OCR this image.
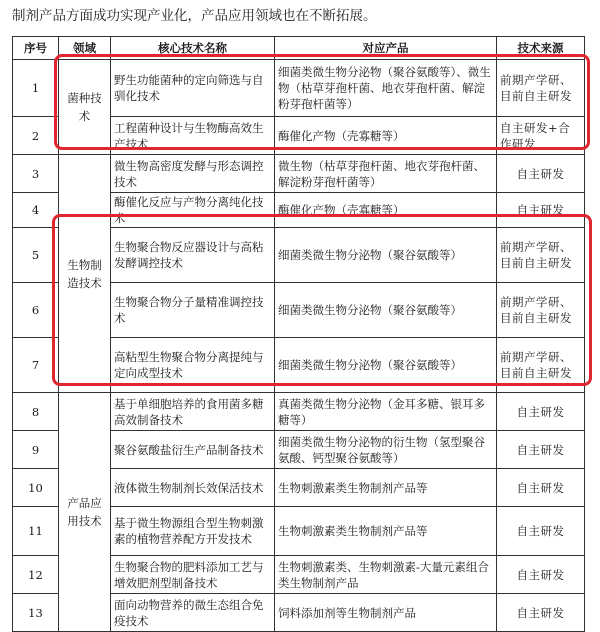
制剂产品方面成功实现产业化，产品应用领域也在不断拓展。
序号	领域	核心技术名称	对应产品	技术来源
1	菌种技术	野生功能菌种的定向筛选与自驯化技术	细菌类微生物分泌物（聚谷氨酸等）、微生物（枯草芽孢杆菌、地衣芽孢杆菌、解淀粉芽孢杆菌等）	前期产学研、目前自主研发
2		工程菌种设计与生物酶高效生产技术	酶催化产物（壳寡糖等）	自主研发+合作研发
3	生物制造技术	微生物高密度发酵与形态调控技术	微生物（枯草芽孢杆菌、地衣芽孢杆菌、解淀粉芽孢杆菌等）	自主研发
4		酶催化反应与产物分离纯化技术	酶催化产物（壳寡糖等）	自主研发
5		生物聚合物反应器设计与高粘发酵调控技术	细菌类微生物分泌物（聚谷氨酸等）	前期产学研、目前自主研发
6		生物聚合物分子量精准调控技术	细菌类微生物分泌物（聚谷氨酸等）	前期产学研、目前自主研发
7		高粘型生物聚合物分离提纯与定向成型技术	细菌类微生物分泌物（聚谷氨酸等）	前期产学研、目前自主研发
8	产品应用技术	基于单细胞培养的食用菌多糖高效制备技术	真菌类微生物分泌物（金耳多糖、银耳多糖等）	自主研发
9		聚谷氨酸盐衍生产品制备技术	细菌类微生物分泌物的衍生物（氢型聚谷氨酸、钙型聚谷氨酸等）	自主研发
10		液体微生物制剂长效保活技术	生物刺激素类生物制剂产品等	自主研发
11		基于微生物源组合型生物刺激素的植物营养配方开发技术	生物刺激素类生物制剂产品等	自主研发
12		生物聚合物的肥料添加工艺与增效肥剂型制备技术	生物刺激素类、生物刺激素-大量元素组合类生物制剂产品	自主研发
13		面向动物营养的微生态组合免疫技术	饲料添加剂等生物制剂产品	自主研发
